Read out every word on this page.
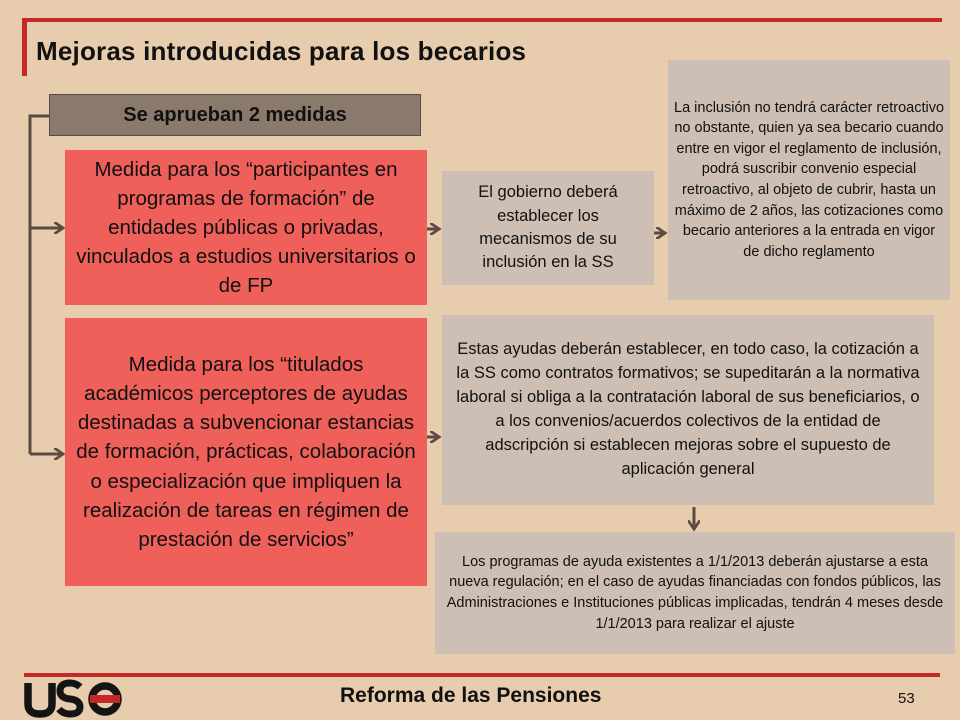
Mejoras introducidas para los becarios
Se aprueban 2 medidas
Medida para los “participantes en programas de formación” de entidades públicas o privadas, vinculados a estudios universitarios o de FP
Medida para los “titulados académicos perceptores de ayudas destinadas a subvencionar estancias de formación, prácticas, colaboración o especialización que impliquen la realización de tareas en régimen de prestación de servicios”
El gobierno deberá establecer los mecanismos de su inclusión en la SS
La inclusión no tendrá carácter retroactivo no obstante, quien ya sea becario cuando entre en vigor el reglamento de inclusión, podrá suscribir convenio especial retroactivo, al objeto de cubrir, hasta un máximo de 2 años, las cotizaciones como becario anteriores a la entrada en vigor de dicho reglamento
Estas ayudas deberán establecer, en todo caso, la cotización a la SS como contratos formativos; se supeditarán a la normativa laboral si obliga a la contratación laboral de sus beneficiarios, o a los convenios/acuerdos colectivos de la entidad de adscripción si establecen mejoras sobre el supuesto de aplicación general
Los programas de ayuda existentes a 1/1/2013 deberán ajustarse a esta nueva regulación; en el caso de ayudas financiadas con fondos públicos, las Administraciones e Instituciones públicas implicadas, tendrán 4 meses desde 1/1/2013 para realizar el ajuste
Reforma de las Pensiones	53
